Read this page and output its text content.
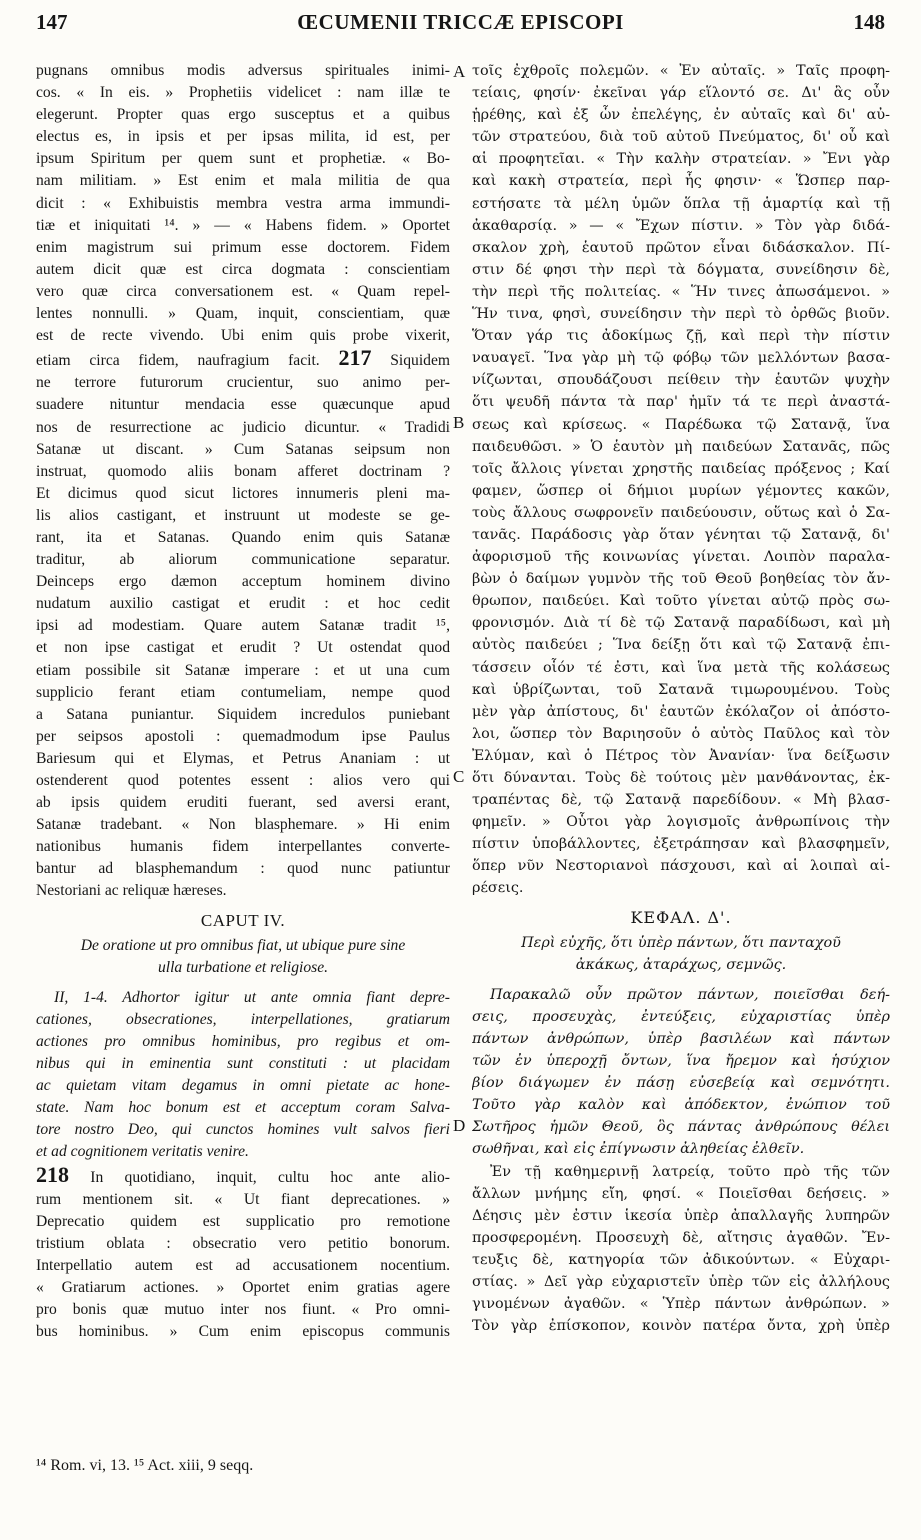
147	ŒCUMENII TRICCÆ EPISCOPI	148
pugnans omnibus modis adversus spirituales inimi-
cos. « In eis. » Prophetiis videlicet : nam illæ te
elegerunt. Propter quas ergo susceptus et a quibus
electus es, in ipsis et per ipsas milita, id est, per
ipsum Spiritum per quem sunt et prophetiæ. « Bo-
nam militiam. » Est enim et mala militia de qua
dicit : « Exhibuistis membra vestra arma immundi-
tiæ et iniquitati ¹⁴. » — « Habens fidem. » Oportet
enim magistrum sui primum esse doctorem. Fidem
autem dicit quæ est circa dogmata : conscientiam
vero quæ circa conversationem est. « Quam repel-
lentes nonnulli. » Quam, inquit, conscientiam, quæ
est de recte vivendo. Ubi enim quis probe vixerit,
etiam circa fidem, naufragium facit. 217 Siquidem
ne terrore futurorum crucientur, suo animo per-
suadere nituntur mendacia esse quæcunque apud
nos de resurrectione ac judicio dicuntur. « Tradidi
Satanæ ut discant. » Cum Satanas seipsum non
instruat, quomodo aliis bonam afferet doctrinam ?
Et dicimus quod sicut lictores innumeris pleni ma-
lis alios castigant, et instruunt ut modeste se ge-
rant, ita et Satanas. Quando enim quis Satanæ
traditur, ab aliorum communicatione separatur.
Deinceps ergo dæmon acceptum hominem divino
nudatum auxilio castigat et erudit : et hoc cedit
ipsi ad modestiam. Quare autem Satanæ tradit ¹⁵,
et non ipse castigat et erudit ? Ut ostendat quod
etiam possibile sit Satanæ imperare : et ut una cum
supplicio ferant etiam contumeliam, nempe quod
a Satana puniantur. Siquidem incredulos puniebant
per seipsos apostoli : quemadmodum ipse Paulus
Bariesum qui et Elymas, et Petrus Ananiam : ut
ostenderent quod potentes essent : alios vero qui
ab ipsis quidem eruditi fuerant, sed aversi erant,
Satanæ tradebant. « Non blasphemare. » Hi enim
nationibus humanis fidem interpellantes converte-
bantur ad blasphemandum : quod nunc patiuntur
Nestoriani ac reliquæ hæreses.
CAPUT IV.
De oratione ut pro omnibus fiat, ut ubique pure sine
ulla turbatione et religiose.
II, 1-4. Adhortor igitur ut ante omnia fiant depre-
cationes, obsecrationes, interpellationes, gratiarum
actiones pro omnibus hominibus, pro regibus et om-
nibus qui in eminentia sunt constituti : ut placidam
ac quietam vitam degamus in omni pietate ac hone-
state. Nam hoc bonum est et acceptum coram Salva-
tore nostro Deo, qui cunctos homines vult salvos fieri
et ad cognitionem veritatis venire.
218 In quotidiano, inquit, cultu hoc ante alio-
rum mentionem sit. « Ut fiant deprecationes. »
Deprecatio quidem est supplicatio pro remotione
tristium oblata : obsecratio vero petitio bonorum.
Interpellatio autem est ad accusationem nocentium.
« Gratiarum actiones. » Oportet enim gratias agere
pro bonis quæ mutuo inter nos fiunt. « Pro omni-
bus hominibus. » Cum enim episcopus communis
A
B
C
D
τοῖς ἐχθροῖς πολεμῶν. « Ἐν αὐταῖς. » Ταῖς προφη-
τείαις, φησίν· ἐκεῖναι γάρ εἵλοντό σε. Δι' ἃς οὖν
ᾑρέθης, καὶ ἐξ ὧν ἐπελέγης, ἐν αὐταῖς καὶ δι' αὐ-
τῶν στρατεύου, διὰ τοῦ αὐτοῦ Πνεύματος, δι' οὗ καὶ
αἱ προφητεῖαι. « Τὴν καλὴν στρατείαν. » Ἔνι γὰρ
καὶ κακὴ στρατεία, περὶ ἧς φησιν· « Ὥσπερ παρ-
εστήσατε τὰ μέλη ὑμῶν ὅπλα τῇ ἁμαρτίᾳ καὶ τῇ
ἀκαθαρσίᾳ. » — « Ἔχων πίστιν. » Τὸν γὰρ διδά-
σκαλον χρὴ, ἑαυτοῦ πρῶτον εἶναι διδάσκαλον. Πί-
στιν δέ φησι τὴν περὶ τὰ δόγματα, συνείδησιν δὲ,
τὴν περὶ τῆς πολιτείας. « Ἥν τινες ἀπωσάμενοι. »
Ἥν τινα, φησὶ, συνείδησιν τὴν περὶ τὸ ὀρθῶς βιοῦν.
Ὅταν γάρ τις ἀδοκίμως ζῇ, καὶ περὶ τὴν πίστιν
ναυαγεῖ. Ἵνα γὰρ μὴ τῷ φόβῳ τῶν μελλόντων βασα-
νίζωνται, σπουδάζουσι πείθειν τὴν ἑαυτῶν ψυχὴν
ὅτι ψευδῆ πάντα τὰ παρ' ἡμῖν τά τε περὶ ἀναστά-
σεως καὶ κρίσεως. « Παρέδωκα τῷ Σατανᾷ, ἵνα
παιδευθῶσι. » Ὁ ἑαυτὸν μὴ παιδεύων Σατανᾶς, πῶς
τοῖς ἄλλοις γίνεται χρηστῆς παιδείας πρόξενος ; Καί
φαμεν, ὥσπερ οἱ δήμιοι μυρίων γέμοντες κακῶν,
τοὺς ἄλλους σωφρονεῖν παιδεύουσιν, οὕτως καὶ ὁ Σα-
τανᾶς. Παράδοσις γὰρ ὅταν γένηται τῷ Σατανᾷ, δι'
ἀφορισμοῦ τῆς κοινωνίας γίνεται. Λοιπὸν παραλα-
βὼν ὁ δαίμων γυμνὸν τῆς τοῦ Θεοῦ βοηθείας τὸν ἄν-
θρωπον, παιδεύει. Καὶ τοῦτο γίνεται αὐτῷ πρὸς σω-
φρονισμόν. Διὰ τί δὲ τῷ Σατανᾷ παραδίδωσι, καὶ μὴ
αὐτὸς παιδεύει ; Ἵνα δείξῃ ὅτι καὶ τῷ Σατανᾷ ἐπι-
τάσσειν οἷόν τέ ἐστι, καὶ ἵνα μετὰ τῆς κολάσεως
καὶ ὑβρίζωνται, τοῦ Σατανᾶ τιμωρουμένου. Τοὺς
μὲν γὰρ ἀπίστους, δι' ἑαυτῶν ἐκόλαζον οἱ ἀπόστο-
λοι, ὥσπερ τὸν Βαριησοῦν ὁ αὐτὸς Παῦλος καὶ τὸν
Ἐλύμαν, καὶ ὁ Πέτρος τὸν Ἀνανίαν· ἵνα δείξωσιν
ὅτι δύνανται. Τοὺς δὲ τούτοις μὲν μανθάνοντας, ἐκ-
τραπέντας δὲ, τῷ Σατανᾷ παρεδίδουν. « Μὴ βλασ-
φημεῖν. » Οὗτοι γὰρ λογισμοῖς ἀνθρωπίνοις τὴν
πίστιν ὑποβάλλοντες, ἐξετράπησαν καὶ βλασφημεῖν,
ὅπερ νῦν Νεστοριανοὶ πάσχουσι, καὶ αἱ λοιπαὶ αἱ-
ρέσεις.
ΚΕΦΑΛ. Δ'.
Περὶ εὐχῆς, ὅτι ὑπὲρ πάντων, ὅτι πανταχοῦ
ἀκάκως, ἀταράχως, σεμνῶς.
Παρακαλῶ οὖν πρῶτον πάντων, ποιεῖσθαι δεή-
σεις, προσευχὰς, ἐντεύξεις, εὐχαριστίας ὑπὲρ
πάντων ἀνθρώπων, ὑπὲρ βασιλέων καὶ πάντων
τῶν ἐν ὑπεροχῇ ὄντων, ἵνα ἤρεμον καὶ ἡσύχιον
βίον διάγωμεν ἐν πάσῃ εὐσεβείᾳ καὶ σεμνότητι.
Τοῦτο γὰρ καλὸν καὶ ἀπόδεκτον, ἐνώπιον τοῦ
Σωτῆρος ἡμῶν Θεοῦ, ὃς πάντας ἀνθρώπους θέλει
σωθῆναι, καὶ εἰς ἐπίγνωσιν ἀληθείας ἐλθεῖν.
Ἐν τῇ καθημερινῇ λατρείᾳ, τοῦτο πρὸ τῆς τῶν
ἄλλων μνήμης εἴη, φησί. « Ποιεῖσθαι δεήσεις. »
Δέησις μὲν ἐστιν ἱκεσία ὑπὲρ ἀπαλλαγῆς λυπηρῶν
προσφερομένη. Προσευχὴ δὲ, αἴτησις ἀγαθῶν. Ἔν-
τευξις δὲ, κατηγορία τῶν ἀδικούντων. « Εὐχαρι-
στίας. » Δεῖ γὰρ εὐχαριστεῖν ὑπὲρ τῶν εἰς ἀλλήλους
γινομένων ἀγαθῶν. « Ὑπὲρ πάντων ἀνθρώπων. »
Τὸν γὰρ ἐπίσκοπον, κοινὸν πατέρα ὄντα, χρὴ ὑπὲρ
¹⁴ Rom. vi, 13. ¹⁵ Act. xiii, 9 seqq.
